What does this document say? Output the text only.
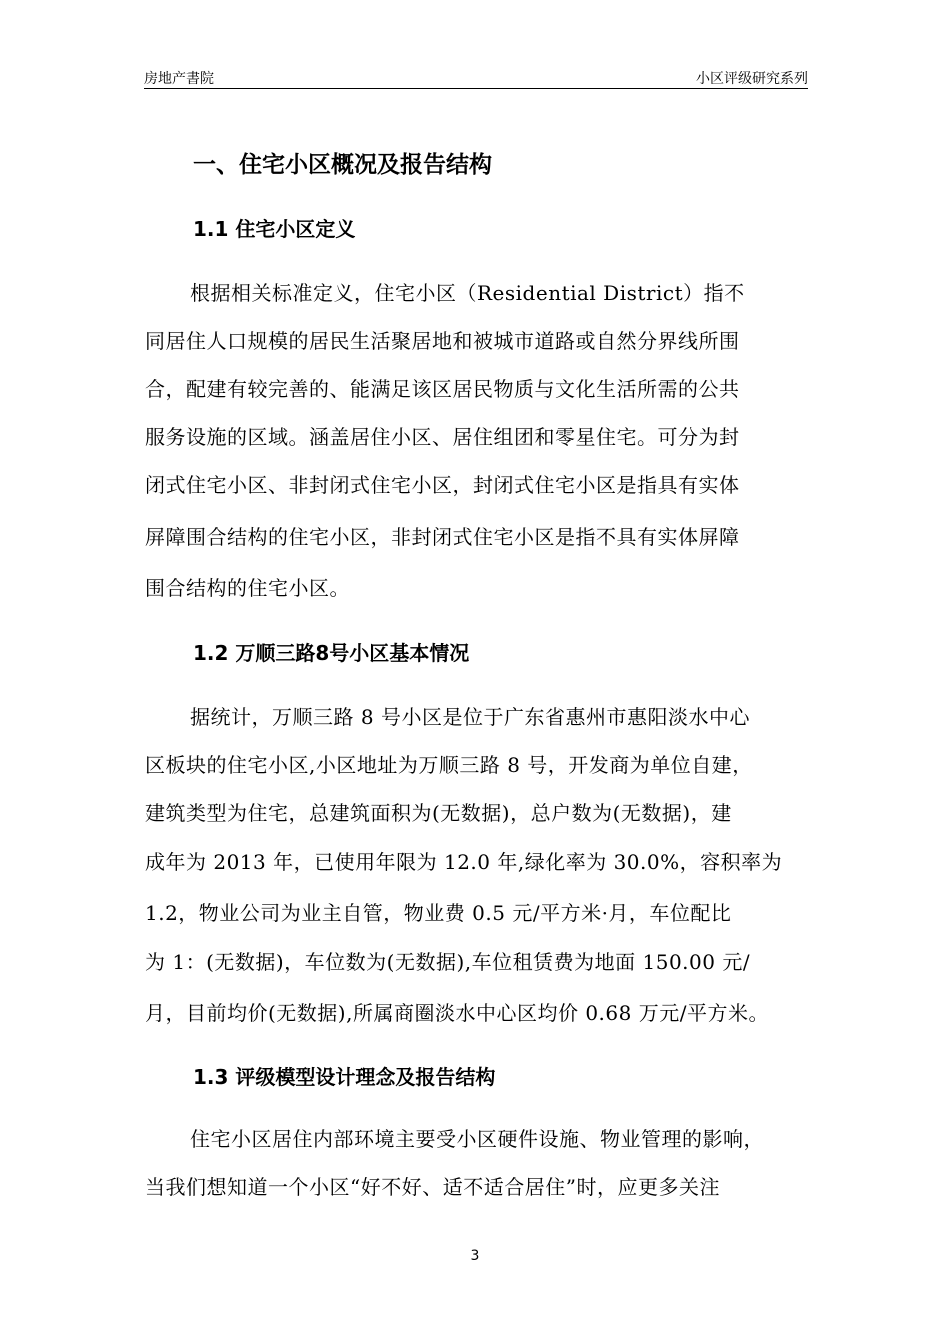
房地产書院	小区评级研究系列
一、住宅小区概况及报告结构
1.1 住宅小区定义
根据相关标准定义，住宅小区（Residential District）指不
同居住人口规模的居民生活聚居地和被城市道路或自然分界线所围
合，配建有较完善的、能满足该区居民物质与文化生活所需的公共
服务设施的区域。涵盖居住小区、居住组团和零星住宅。可分为封
闭式住宅小区、非封闭式住宅小区，封闭式住宅小区是指具有实体
屏障围合结构的住宅小区，非封闭式住宅小区是指不具有实体屏障
围合结构的住宅小区。
1.2 万顺三路8号小区基本情况
据统计，万顺三路 8 号小区是位于广东省惠州市惠阳淡水中心
区板块的住宅小区,小区地址为万顺三路 8 号，开发商为单位自建，
建筑类型为住宅，总建筑面积为(无数据)，总户数为(无数据)，建
成年为 2013 年，已使用年限为 12.0 年,绿化率为 30.0%，容积率为
1.2，物业公司为业主自管，物业费 0.5 元/平方米·月，车位配比
为 1：(无数据)，车位数为(无数据),车位租赁费为地面 150.00 元/
月，目前均价(无数据),所属商圈淡水中心区均价 0.68 万元/平方米。
1.3 评级模型设计理念及报告结构
住宅小区居住内部环境主要受小区硬件设施、物业管理的影响，
当我们想知道一个小区“好不好、适不适合居住”时，应更多关注
3
